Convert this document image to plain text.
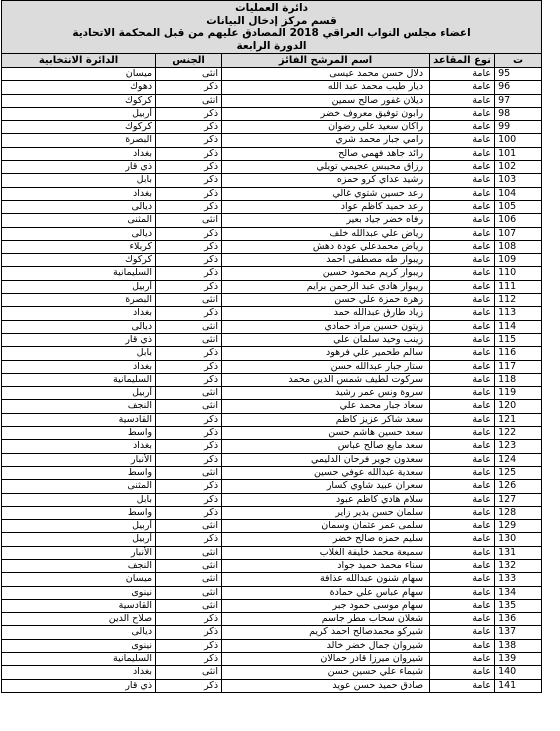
دائرة العمليات
قسم مركز إدخال البيانات
اعضاء مجلس النواب العراقي 2018 المصادق عليهم من قبل المحكمة الاتحادية
الدورة الرابعة				

ت	نوع المقاعد	اسم المرشح الفائز	الجنس	الدائرة الانتخابية
95	عامة	دلال حسن محمد عيسى	انثى	ميسان
96	عامة	ديار طيب محمد عبد الله	ذكر	دهوك
97	عامة	ديلان غفور صالح سمين	انثى	كركوك
98	عامة	رابون توفيق معروف خضر	ذكر	أربيل
99	عامة	راكان سعيد علي رضوان	ذكر	كركوك
100	عامة	رامي جبار محمد شري	ذكر	البصرة
101	عامة	رائد جاهد فهمي صالح	ذكر	بغداد
102	عامة	رزاق محيبس عجيمي تويلي	ذكر	ذي قار
103	عامة	رشيد عداي كرو حمزه	ذكر	بابل
104	عامة	رعد حسين شتوي غالي	ذكر	بغداد
105	عامة	رعد حميد كاظم عواد	ذكر	ديالى
106	عامة	رفاه خضر جياد بعير	انثى	المثنى
107	عامة	رياض علي عبدالله خلف	ذكر	ديالى
108	عامة	رياض محمدعلي عودة دهش	ذكر	كربلاء
109	عامة	ريبوار طه مصطفى احمد	ذكر	كركوك
110	عامة	ريبوار كريم محمود حسين	ذكر	السليمانية
111	عامة	ريبوار هادي عبد الرحمن برايم	ذكر	أربيل
112	عامة	زهرة حمزة علي حسن	انثى	البصرة
113	عامة	زياد طارق عبدالله حمد	ذكر	بغداد
114	عامة	زيتون حسين مراد حمادي	انثى	ديالى
115	عامة	زينب وحيد سلمان علي	انثى	ذي قار
116	عامة	سالم طحمير علي فرهود	ذكر	بابل
117	عامة	ستار جبار عبدالله حسن	ذكر	بغداد
118	عامة	سركوت لطيف شمس الدين محمد	ذكر	السليمانية
119	عامة	سروة ونس عمر رشيد	انثى	أربيل
120	عامة	سعاد جبار محمد علي	انثى	النجف
121	عامة	سعد شاكر عزيز كاظم	ذكر	القادسية
122	عامة	سعد حسين هاشم حسن	ذكر	واسط
123	عامة	سعد مايع صالح عباس	ذكر	بغداد
124	عامة	سعدون جوير فرحان الدليمي	ذكر	الأنبار
125	عامة	سعدية عبدالله عوفي حسين	انثى	واسط
126	عامة	سعران عبيد شاوي كسار	ذكر	المثنى
127	عامة	سلام هادي كاظم عبود	ذكر	بابل
128	عامة	سلمان حسن بدير زاير	ذكر	واسط
129	عامة	سلمى عمر عثمان وسمان	انثى	أربيل
130	عامة	سليم حمزه صالح خضر	ذكر	أربيل
131	عامة	سميعة محمد خليفة الغلاب	انثى	الأنبار
132	عامة	سناء محمد حميد جواد	انثى	النجف
133	عامة	سهام شنون عبدالله عذافة	انثى	ميسان
134	عامة	سهام عباس علي حمادة	انثى	نينوى
135	عامة	سهام موسى حمود جبر	انثى	القادسية
136	عامة	شعلان سحاب مطر جاسم	ذكر	صلاح الدين
137	عامة	شيركو محمدصالح احمد كريم	ذكر	ديالى
138	عامة	شيروان جمال خضر خالد	ذكر	نينوى
139	عامة	شيروان ميرزا قادر حمالان	ذكر	السليمانية
140	عامة	شيماء علي حسين حسن	انثى	بغداد
141	عامة	صادق حميد حسن عويد	ذكر	ذي قار
